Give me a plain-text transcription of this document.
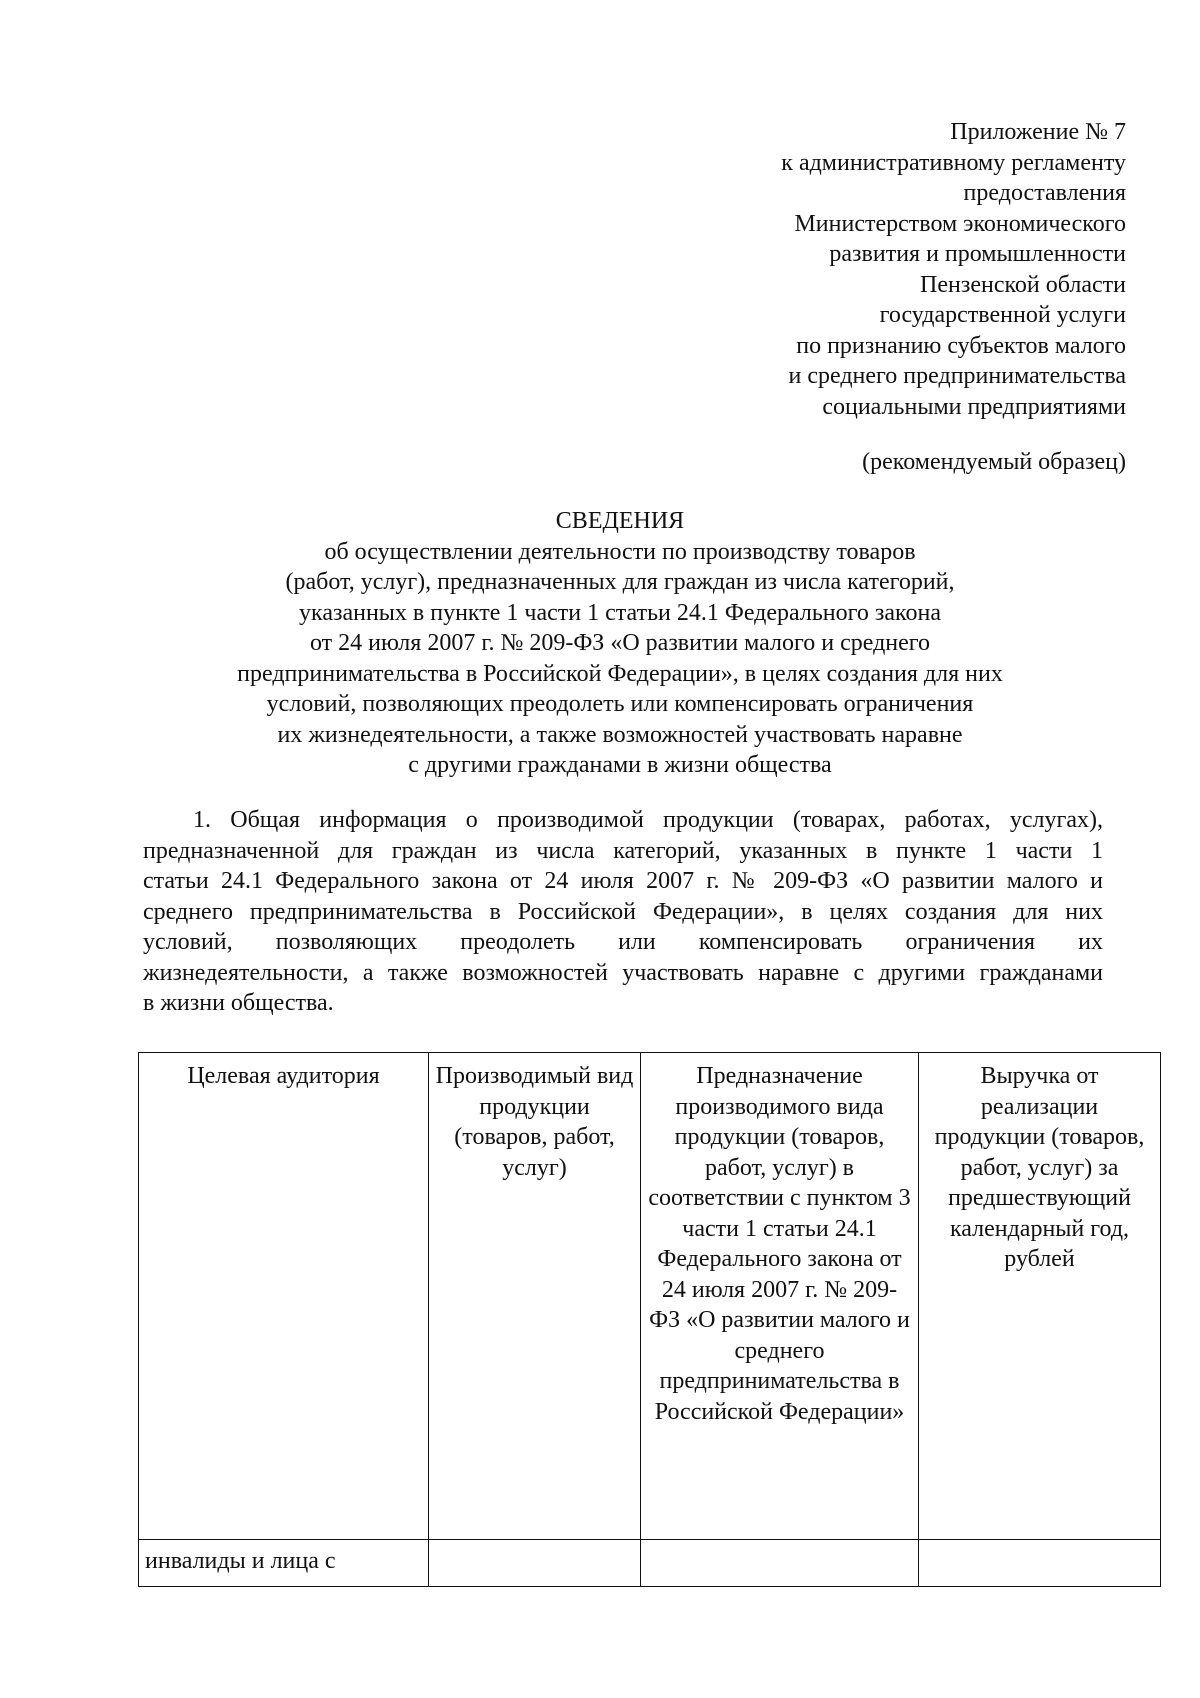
Приложение № 7
к административному регламенту
предоставления
Министерством экономического
развития и промышленности
Пензенской области
государственной услуги
по признанию субъектов малого
и среднего предпринимательства
социальными предприятиями
(рекомендуемый образец)
СВЕДЕНИЯ
об осуществлении деятельности по производству товаров
(работ, услуг), предназначенных для граждан из числа категорий,
указанных в пункте 1 части 1 статьи 24.1 Федерального закона
от 24 июля 2007 г. № 209-ФЗ «О развитии малого и среднего
предпринимательства в Российской Федерации», в целях создания для них
условий, позволяющих преодолеть или компенсировать ограничения
их жизнедеятельности, а также возможностей участвовать наравне
с другими гражданами в жизни общества
1. Общая информация о производимой продукции (товарах, работах, услугах),
предназначенной для граждан из числа категорий, указанных в пункте 1 части 1
статьи 24.1 Федерального закона от 24 июля 2007 г. № 209-ФЗ «О развитии малого и
среднего предпринимательства в Российской Федерации», в целях создания для них
условий, позволяющих преодолеть или компенсировать ограничения их
жизнедеятельности, а также возможностей участвовать наравне с другими гражданами
в жизни общества.
Целевая аудитория	Производимый вид продукции (товаров, работ, услуг)	Предназначение производимого вида продукции (товаров, работ, услуг) в соответствии с пунктом 3 части 1 статьи 24.1 Федерального закона от 24 июля 2007 г. № 209-ФЗ «О развитии малого и среднего предпринимательства в Российской Федерации»	Выручка от реализации продукции (товаров, работ, услуг) за предшествующий календарный год, рублей
инвалиды и лица с			
